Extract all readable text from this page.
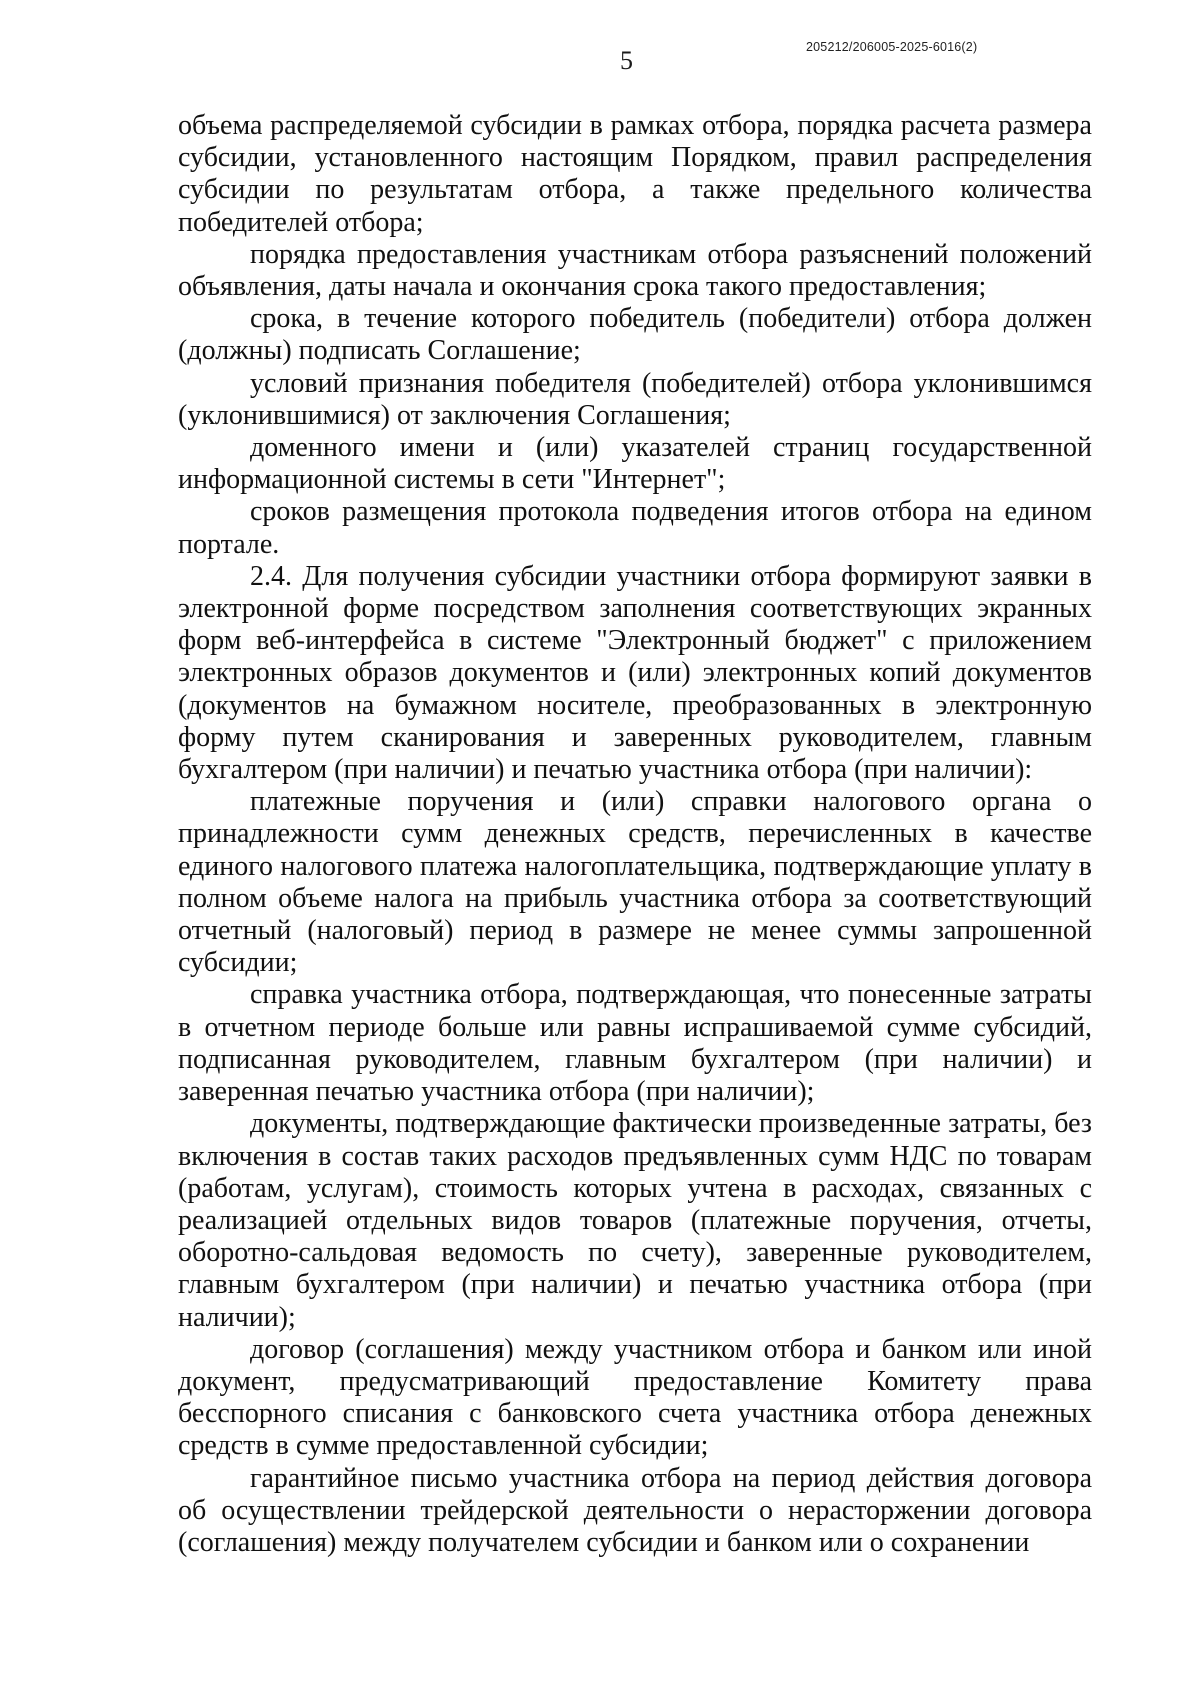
5	205212/206005-2025-6016(2)

объема распределяемой субсидии в рамках отбора, порядка расчета размера субсидии, установленного настоящим Порядком, правил распределения субсидии по результатам отбора, а также предельного количества победителей отбора;

порядка предоставления участникам отбора разъяснений положений объявления, даты начала и окончания срока такого предоставления;

срока, в течение которого победитель (победители) отбора должен (должны) подписать Соглашение;

условий признания победителя (победителей) отбора уклонившимся (уклонившимися) от заключения Соглашения;

доменного имени и (или) указателей страниц государственной информационной системы в сети "Интернет";

сроков размещения протокола подведения итогов отбора на едином портале.

2.4. Для получения субсидии участники отбора формируют заявки в электронной форме посредством заполнения соответствующих экранных форм веб-интерфейса в системе "Электронный бюджет" с приложением электронных образов документов и (или) электронных копий документов (документов на бумажном носителе, преобразованных в электронную форму путем сканирования и заверенных руководителем, главным бухгалтером (при наличии) и печатью участника отбора (при наличии):

платежные поручения и (или) справки налогового органа о принадлежности сумм денежных средств, перечисленных в качестве единого налогового платежа налогоплательщика, подтверждающие уплату в полном объеме налога на прибыль участника отбора за соответствующий отчетный (налоговый) период в размере не менее суммы запрошенной субсидии;

справка участника отбора, подтверждающая, что понесенные затраты в отчетном периоде больше или равны испрашиваемой сумме субсидий, подписанная руководителем, главным бухгалтером (при наличии) и заверенная печатью участника отбора (при наличии);

документы, подтверждающие фактически произведенные затраты, без включения в состав таких расходов предъявленных сумм НДС по товарам (работам, услугам), стоимость которых учтена в расходах, связанных с реализацией отдельных видов товаров (платежные поручения, отчеты, оборотно-сальдовая ведомость по счету), заверенные руководителем, главным бухгалтером (при наличии) и печатью участника отбора (при наличии);

договор (соглашения) между участником отбора и банком или иной документ, предусматривающий предоставление Комитету права бесспорного списания с банковского счета участника отбора денежных средств в сумме предоставленной субсидии;

гарантийное письмо участника отбора на период действия договора об осуществлении трейдерской деятельности о нерасторжении договора (соглашения) между получателем субсидии и банком или о сохранении
